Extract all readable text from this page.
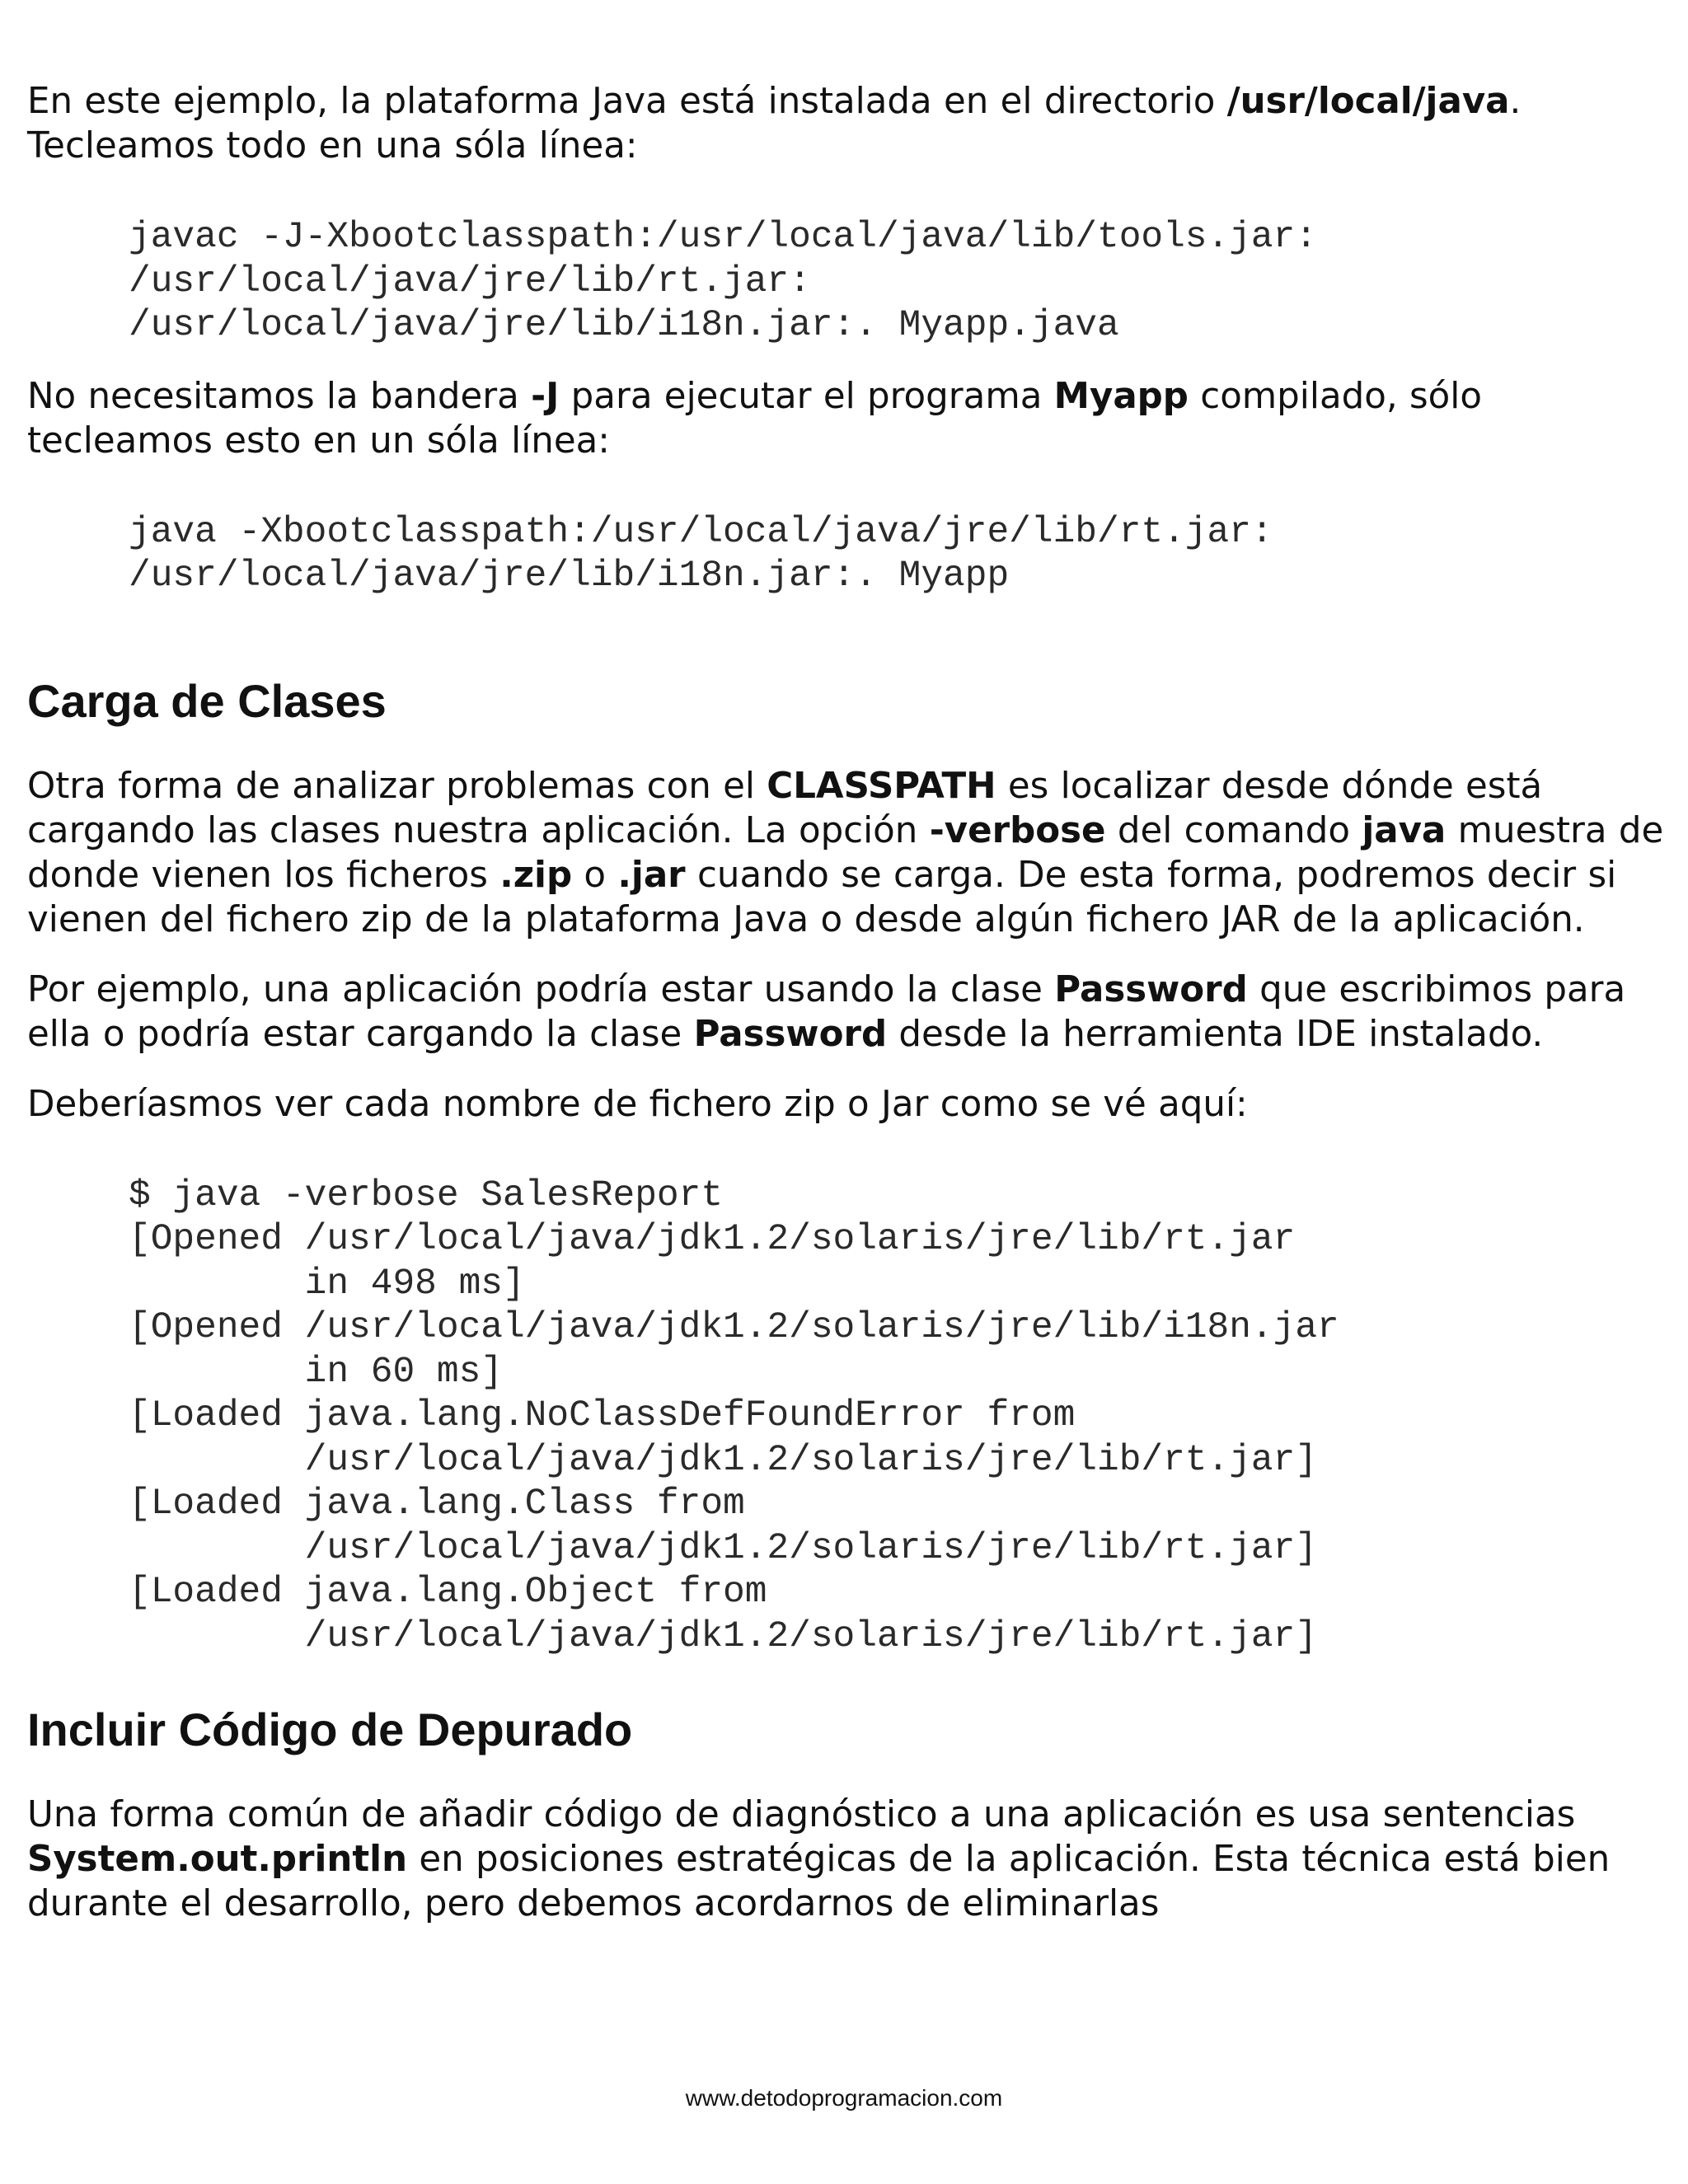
En este ejemplo, la plataforma Java está instalada en el directorio /usr/local/java. Tecleamos todo en una sóla línea:

javac -J-Xbootclasspath:/usr/local/java/lib/tools.jar:
/usr/local/java/jre/lib/rt.jar:
/usr/local/java/jre/lib/i18n.jar:. Myapp.java

No necesitamos la bandera -J para ejecutar el programa Myapp compilado, sólo tecleamos esto en un sóla línea:

java -Xbootclasspath:/usr/local/java/jre/lib/rt.jar:
/usr/local/java/jre/lib/i18n.jar:. Myapp
Carga de Clases

Otra forma de analizar problemas con el CLASSPATH es localizar desde dónde está cargando las clases nuestra aplicación. La opción -verbose del comando java muestra de donde vienen los ficheros .zip o .jar cuando se carga. De esta forma, podremos decir si vienen del fichero zip de la plataforma Java o desde algún fichero JAR de la aplicación.

Por ejemplo, una aplicación podría estar usando la clase Password que escribimos para ella o podría estar cargando la clase Password desde la herramienta IDE instalado.

Deberíasmos ver cada nombre de fichero zip o Jar como se vé aquí:

$ java -verbose SalesReport
[Opened /usr/local/java/jdk1.2/solaris/jre/lib/rt.jar
in 498 ms]
[Opened /usr/local/java/jdk1.2/solaris/jre/lib/i18n.jar
in 60 ms]
[Loaded java.lang.NoClassDefFoundError from
/usr/local/java/jdk1.2/solaris/jre/lib/rt.jar]
[Loaded java.lang.Class from
/usr/local/java/jdk1.2/solaris/jre/lib/rt.jar]
[Loaded java.lang.Object from
/usr/local/java/jdk1.2/solaris/jre/lib/rt.jar]
Incluir Código de Depurado

Una forma común de añadir código de diagnóstico a una aplicación es usa sentencias System.out.println en posiciones estratégicas de la aplicación. Esta técnica está bien durante el desarrollo, pero debemos acordarnos de eliminarlas

www.detodoprogramacion.com
